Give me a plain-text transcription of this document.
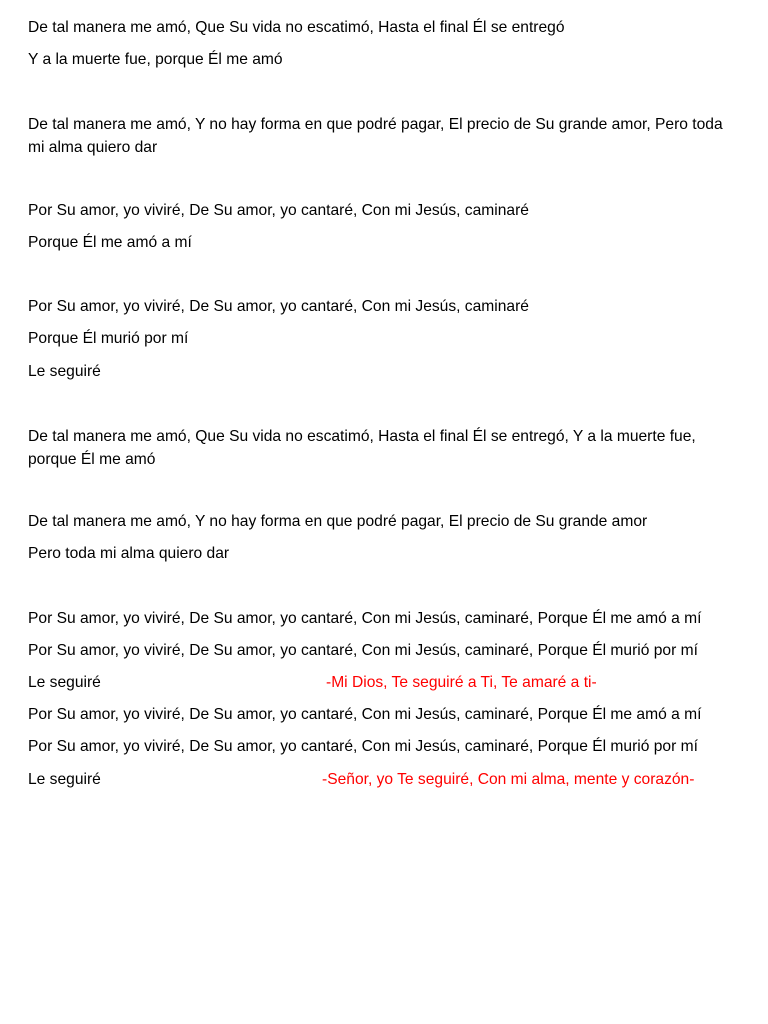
De tal manera me amó, Que Su vida no escatimó, Hasta el final Él se entregó
Y a la muerte fue, porque Él me amó
De tal manera me amó, Y no hay forma en que podré pagar, El precio de Su grande amor, Pero toda mi alma quiero dar
Por Su amor, yo viviré, De Su amor, yo cantaré, Con mi Jesús, caminaré
Porque Él me amó a mí
Por Su amor, yo viviré, De Su amor, yo cantaré, Con mi Jesús, caminaré
Porque Él murió por mí
Le seguiré
De tal manera me amó, Que Su vida no escatimó, Hasta el final Él se entregó, Y a la muerte fue, porque Él me amó
De tal manera me amó, Y no hay forma en que podré pagar, El precio de Su grande amor
Pero toda mi alma quiero dar
Por Su amor, yo viviré, De Su amor, yo cantaré, Con mi Jesús, caminaré, Porque Él me amó a mí
Por Su amor, yo viviré, De Su amor, yo cantaré, Con mi Jesús, caminaré, Porque Él murió por mí
Le seguiré	-Mi Dios, Te seguiré a Ti, Te amaré a ti-
Por Su amor, yo viviré, De Su amor, yo cantaré, Con mi Jesús, caminaré, Porque Él me amó a mí
Por Su amor, yo viviré, De Su amor, yo cantaré, Con mi Jesús, caminaré, Porque Él murió por mí
Le seguiré	-Señor, yo Te seguiré, Con mi alma, mente y corazón-
